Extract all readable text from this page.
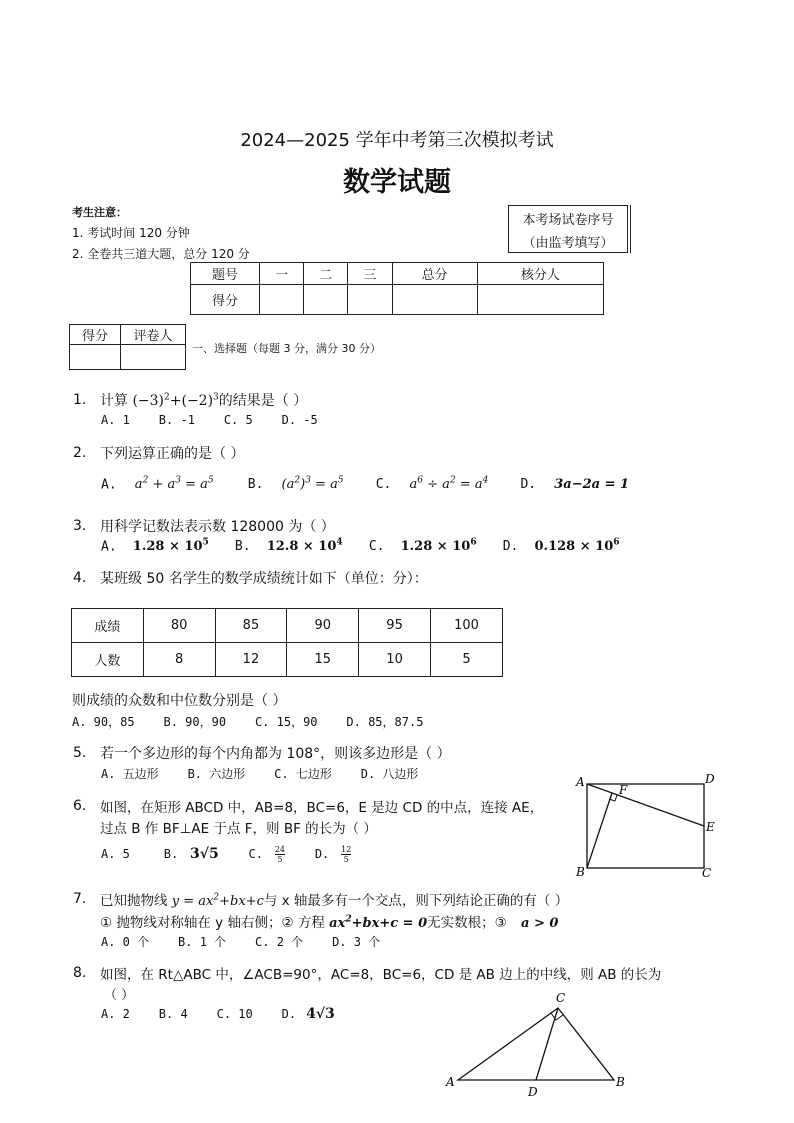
2024—2025 学年中考第三次模拟考试
数学试题
考生注意：
1. 考试时间 120 分钟
2. 全卷共三道大题，总分 120 分
本考场试卷序号
（由监考填写）
题号	一	二	三	总分	核分人
得分					
得分	评卷人

一、选择题（每题 3 分，满分 30 分）
1. 计算 $(-3)^2+(-2)^3$的结果是（ ）
A. 1    B. -1    C. 5    D. -5
2. 下列运算正确的是（ ）
A. $a^2 + a^3 = a^5$	B. $(a^2)^3 = a^5$ C. $a^6 \div a^2 = a^4$ D. 3a−2a = 1
3. 用科学记数法表示数 128000 为（ ）
A. $1.28 \times 10^5$ B. $12.8 \times 10^4$ C. $1.28 \times 10^6$ D. $0.128 \times 10^6$
4. 某班级 50 名学生的数学成绩统计如下（单位：分）：
成绩	80	85	90	95	100
人数	8	12	15	10	5
则成绩的众数和中位数分别是（ ）
A. 90，85    B. 90，90    C. 15，90    D. 85，87.5
5. 若一个多边形的每个内角都为 108°，则该多边形是（ ）
A. 五边形    B. 六边形    C. 七边形    D. 八边形
6. 如图，在矩形 ABCD 中，AB=8，BC=6，E 是边 CD 的中点，连接 AE，
过点 B 作 BF⊥AE 于点 F，则 BF 的长为（ ）
A. 5	B. 3√5 C. $\frac{24}{5} D$. $\frac{12}{5}$
A	D
F
E
B	C
7. 已知抛物线 $y = ax^2+bx+c$与 x 轴最多有一个交点，则下列结论正确的有（ ）
① 抛物线对称轴在 y 轴右侧；② 方程 $ax^2+bx+c = 0$无实数根；③ a > 0
A. 0 个    B. 1 个    C. 2 个    D. 3 个
8. 如图，在 Rt△ABC 中，∠ACB=90°，AC=8，BC=6，CD 是 AB 边上的中线，则 AB 的长为
（ ）
A. 2    B. 4    C. 10    D. 4√3
C
A	B
D
